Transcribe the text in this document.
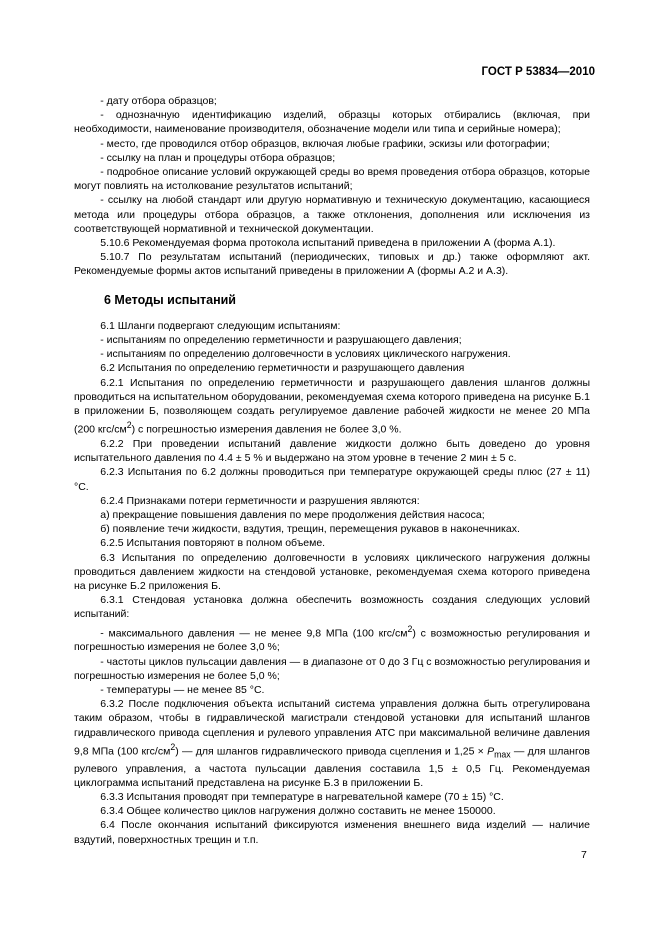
ГОСТ Р 53834—2010

- дату отбора образцов;

- однозначную идентификацию изделий, образцы которых отбирались (включая, при необходимости, наименование производителя, обозначение модели или типа и серийные номера);

- место, где проводился отбор образцов, включая любые графики, эскизы или фотографии;

- ссылку на план и процедуры отбора образцов;

- подробное описание условий окружающей среды во время проведения отбора образцов, которые могут повлиять на истолкование результатов испытаний;

- ссылку на любой стандарт или другую нормативную и техническую документацию, касающиеся метода или процедуры отбора образцов, а также отклонения, дополнения или исключения из соответствующей нормативной и технической документации.

5.10.6 Рекомендуемая форма протокола испытаний приведена в приложении А (форма А.1).

5.10.7 По результатам испытаний (периодических, типовых и др.) также оформляют акт. Рекомендуемые формы актов испытаний приведены в приложении А (формы А.2 и А.3).

6 Методы испытаний

6.1 Шланги подвергают следующим испытаниям:

- испытаниям по определению герметичности и разрушающего давления;

- испытаниям по определению долговечности в условиях циклического нагружения.

6.2 Испытания по определению герметичности и разрушающего давления

6.2.1 Испытания по определению герметичности и разрушающего давления шлангов должны проводиться на испытательном оборудовании, рекомендуемая схема которого приведена на рисунке Б.1 в приложении Б, позволяющем создать регулируемое давление рабочей жидкости не менее 20 МПа (200 кгс/$см^2$) с погрешностью измерения давления не более 3,0 %.

6.2.2 При проведении испытаний давление жидкости должно быть доведено до уровня испытательного давления по 4.4 ± 5 % и выдержано на этом уровне в течение 2 мин ± 5 с.

6.2.3 Испытания по 6.2 должны проводиться при температуре окружающей среды плюс (27 ± 11) °С.

6.2.4 Признаками потери герметичности и разрушения являются:

а) прекращение повышения давления по мере продолжения действия насоса;

б) появление течи жидкости, вздутия, трещин, перемещения рукавов в наконечниках.

6.2.5 Испытания повторяют в полном объеме.

6.3 Испытания по определению долговечности в условиях циклического нагружения должны проводиться давлением жидкости на стендовой установке, рекомендуемая схема которого приведена на рисунке Б.2 приложения Б.

6.3.1 Стендовая установка должна обеспечить возможность создания следующих условий испытаний:

- максимального давления — не менее 9,8 МПа (100 кгс/$см^2$) с возможностью регулирования и погрешностью измерения не более 3,0 %;

- частоты циклов пульсации давления — в диапазоне от 0 до 3 Гц с возможностью регулирования и погрешностью измерения не более 5,0 %;

- температуры — не менее 85 °С.

6.3.2 После подключения объекта испытаний система управления должна быть отрегулирована таким образом, чтобы в гидравлической магистрали стендовой установки для испытаний шлангов гидравлического привода сцепления и рулевого управления АТС при максимальной величине давления 9,8 МПа (100 кгс/$см^2$) — для шлангов гидравлического привода сцепления и $1,25 \times P_{max}$ — для шлангов рулевого управления, а частота пульсации давления составила 1,5 ± 0,5 Гц. Рекомендуемая циклограмма испытаний представлена на рисунке Б.3 в приложении Б.

6.3.3 Испытания проводят при температуре в нагревательной камере (70 ± 15) °С.

6.3.4 Общее количество циклов нагружения должно составить не менее 150000.

6.4 После окончания испытаний фиксируются изменения внешнего вида изделий — наличие вздутий, поверхностных трещин и т.п.

7
